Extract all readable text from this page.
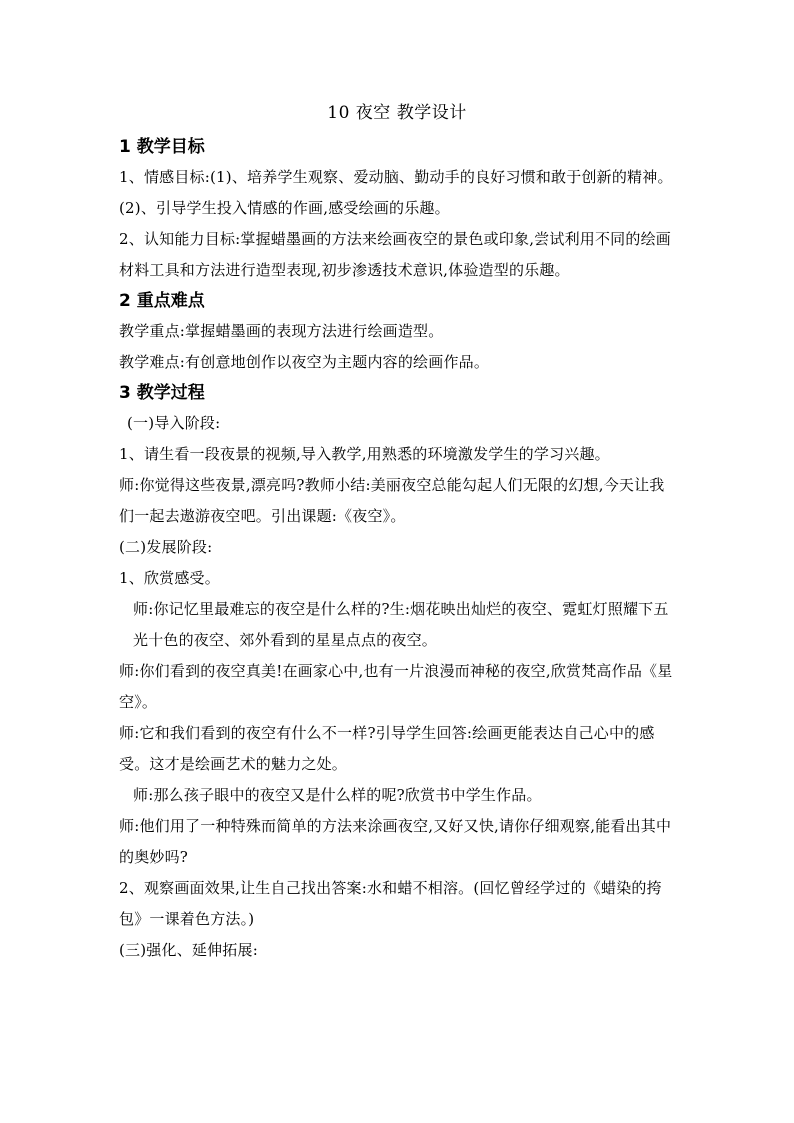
10 夜空 教学设计
1 教学目标

1、情感目标:(1)、培养学生观察、爱动脑、勤动手的良好习惯和敢于创新的精神。(2)、引导学生投入情感的作画,感受绘画的乐趣。

2、认知能力目标:掌握蜡墨画的方法来绘画夜空的景色或印象,尝试利用不同的绘画材料工具和方法进行造型表现,初步渗透技术意识,体验造型的乐趣。

2 重点难点

教学重点:掌握蜡墨画的表现方法进行绘画造型。

教学难点:有创意地创作以夜空为主题内容的绘画作品。

3 教学过程

(一)导入阶段:

1、请生看一段夜景的视频,导入教学,用熟悉的环境激发学生的学习兴趣。

师:你觉得这些夜景,漂亮吗?教师小结:美丽夜空总能勾起人们无限的幻想,今天让我们一起去遨游夜空吧。引出课题:《夜空》。

(二)发展阶段:

1、欣赏感受。

师:你记忆里最难忘的夜空是什么样的?生:烟花映出灿烂的夜空、霓虹灯照耀下五光十色的夜空、郊外看到的星星点点的夜空。

师:你们看到的夜空真美!在画家心中,也有一片浪漫而神秘的夜空,欣赏梵高作品《星空》。

师:它和我们看到的夜空有什么不一样?引导学生回答:绘画更能表达自己心中的感受。这才是绘画艺术的魅力之处。

师:那么孩子眼中的夜空又是什么样的呢?欣赏书中学生作品。

师:他们用了一种特殊而简单的方法来涂画夜空,又好又快,请你仔细观察,能看出其中的奥妙吗?

2、观察画面效果,让生自己找出答案:水和蜡不相溶。(回忆曾经学过的《蜡染的挎包》一课着色方法。)

(三)强化、延伸拓展:
